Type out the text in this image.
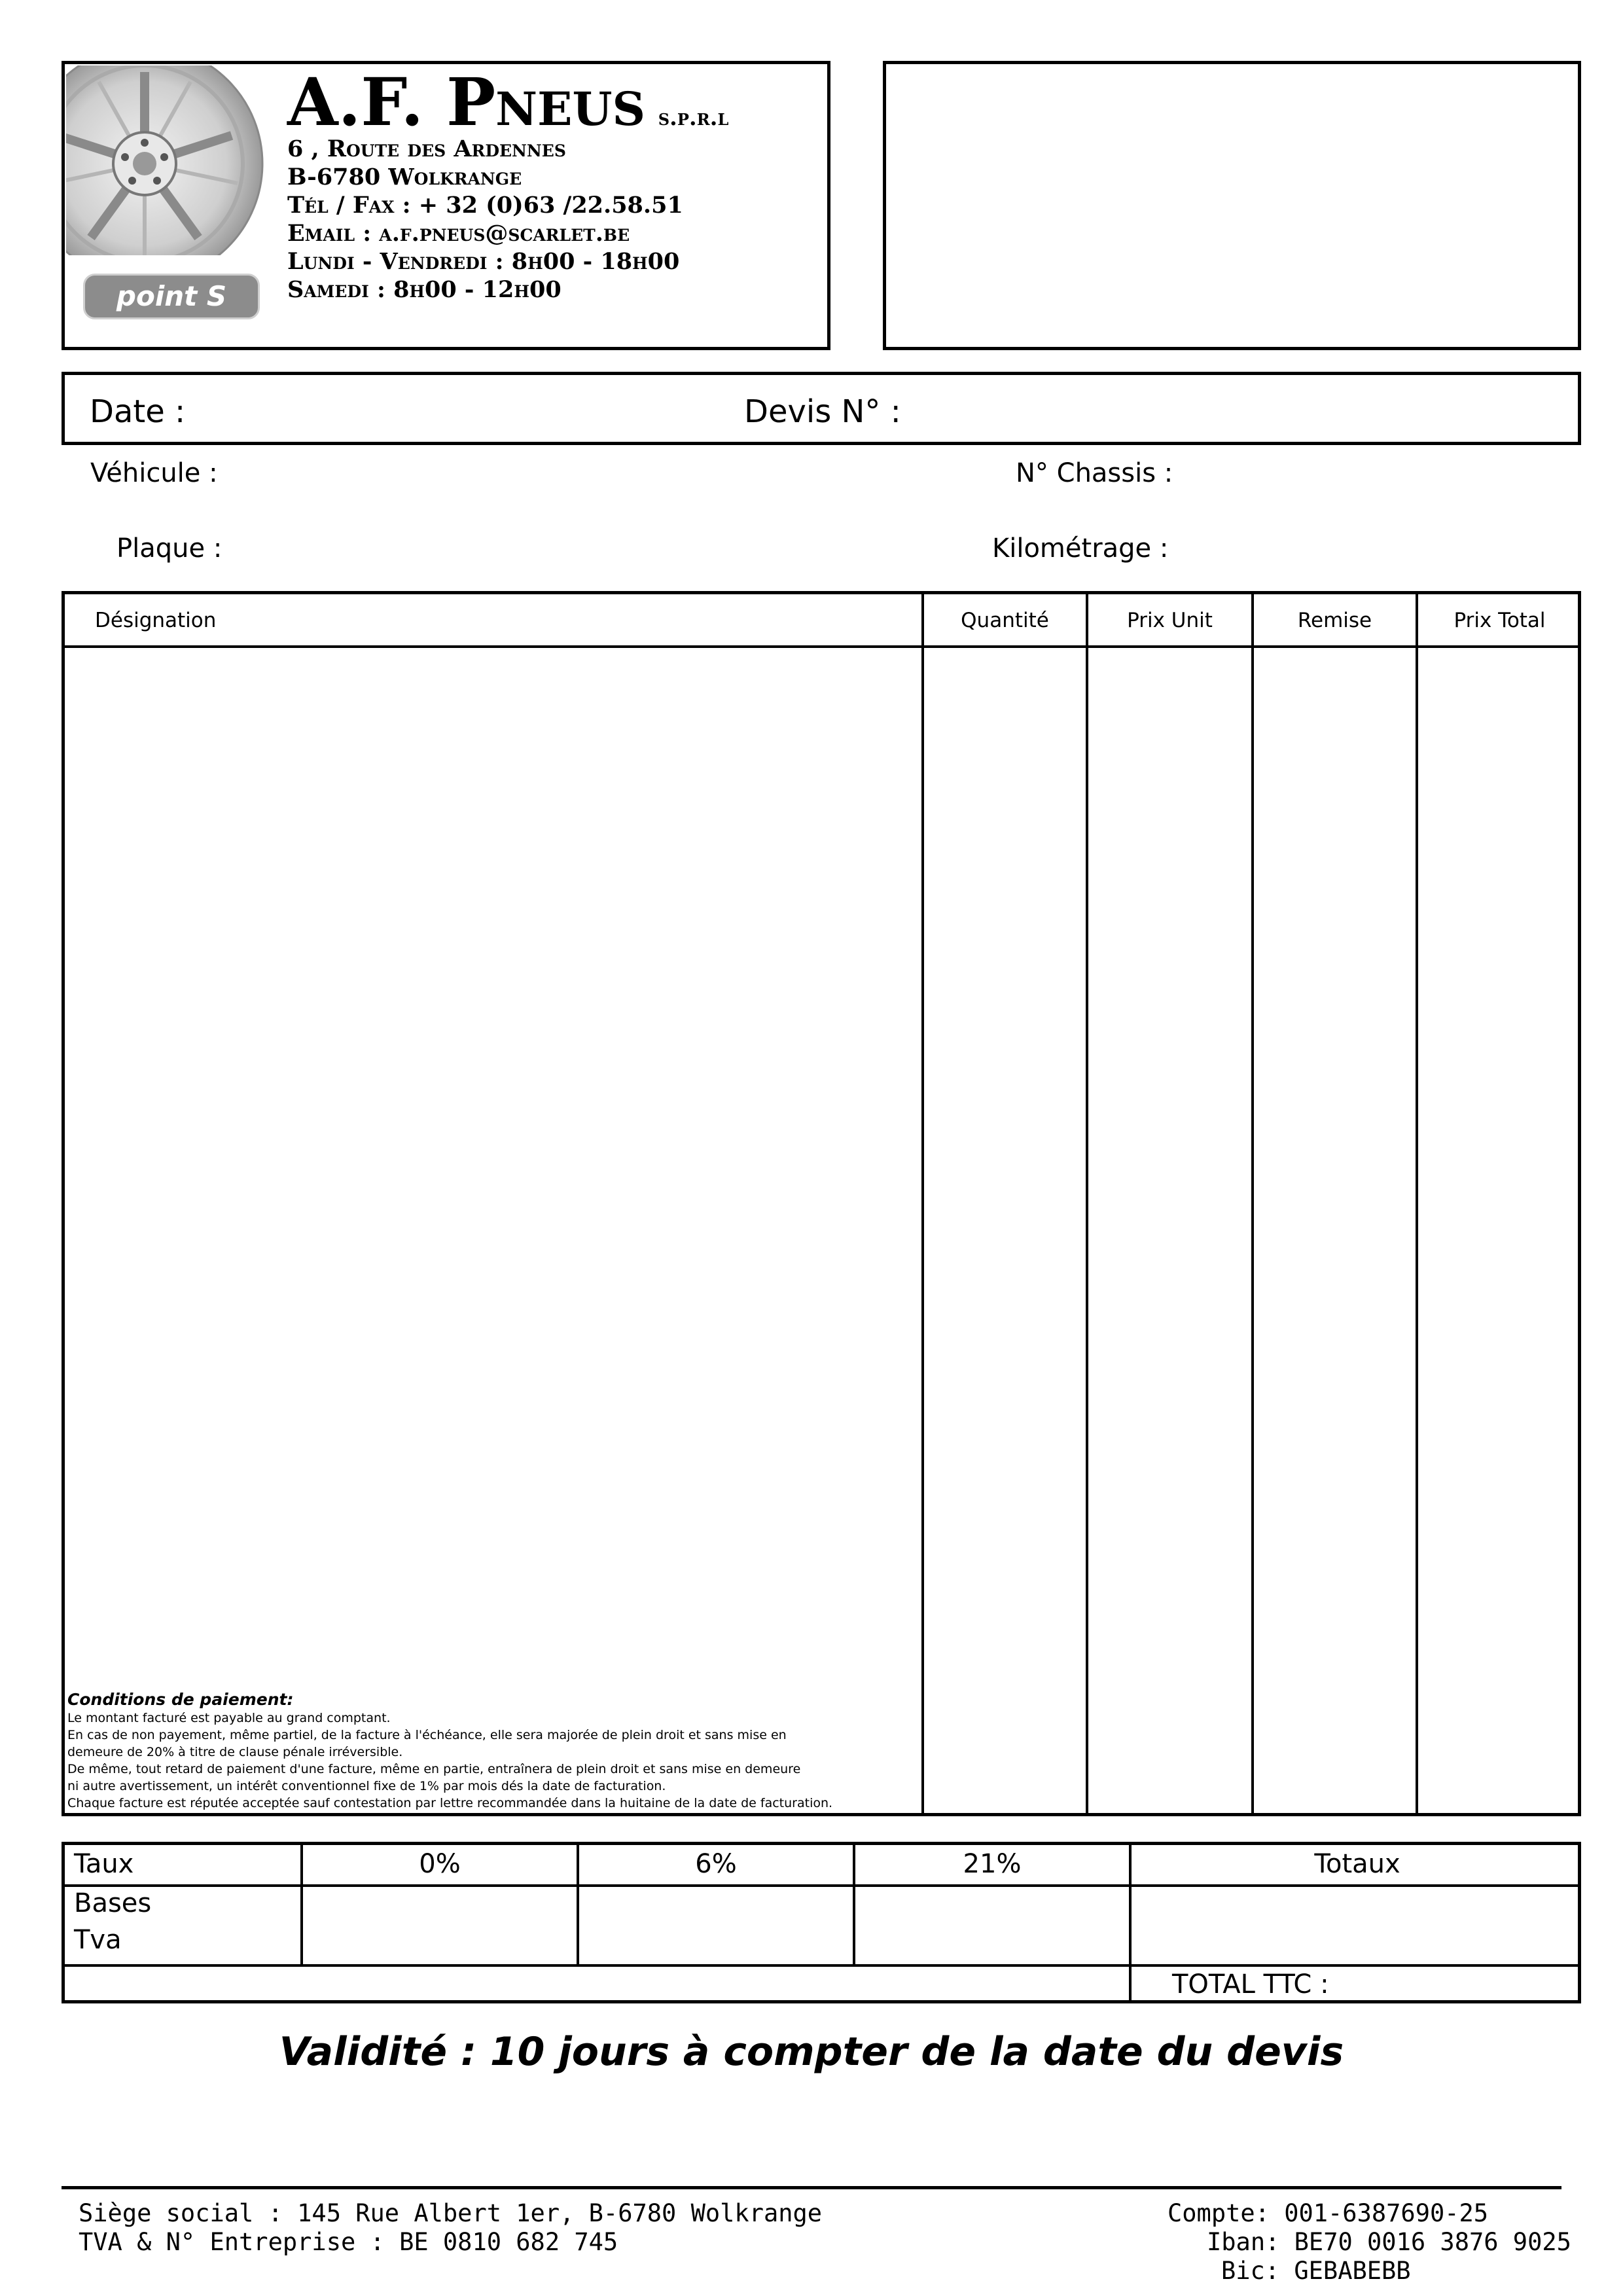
point S
A.F. Pneus s.p.r.l
6 , Route des Ardennes
B-6780 Wolkrange
Tél / Fax : + 32 (0)63 /22.58.51
Email : a.f.pneus@scarlet.be
Lundi - Vendredi : 8h00 - 18h00
Samedi : 8h00 - 12h00
Date :	Devis N° :
Véhicule :	N° Chassis :
Plaque :	Kilométrage :
Désignation	Quantité	Prix Unit	Remise	Prix Total

Conditions de paiement:

Le montant facturé est payable au grand comptant.

En cas de non payement, même partiel, de la facture à l'échéance, elle sera majorée de plein droit et sans mise en

demeure de 20% à titre de clause pénale irréversible.

De même, tout retard de paiement d'une facture, même en partie, entraînera de plein droit et sans mise en demeure

ni autre avertissement, un intérêt conventionnel fixe de 1% par mois dés la date de facturation.

Chaque facture est réputée acceptée sauf contestation par lettre recommandée dans la huitaine de la date de facturation.

Taux	0%	6%	21%	Totaux
Bases
Tva
TOTAL TTC :
Validité : 10 jours à compter de la date du devis
Siège social : 145 Rue Albert 1er, B-6780 Wolkrange
TVA & N° Entreprise : BE 0810 682 745
Compte: 001-6387690-25
Iban: BE70 0016 3876 9025
Bic: GEBABEBB
